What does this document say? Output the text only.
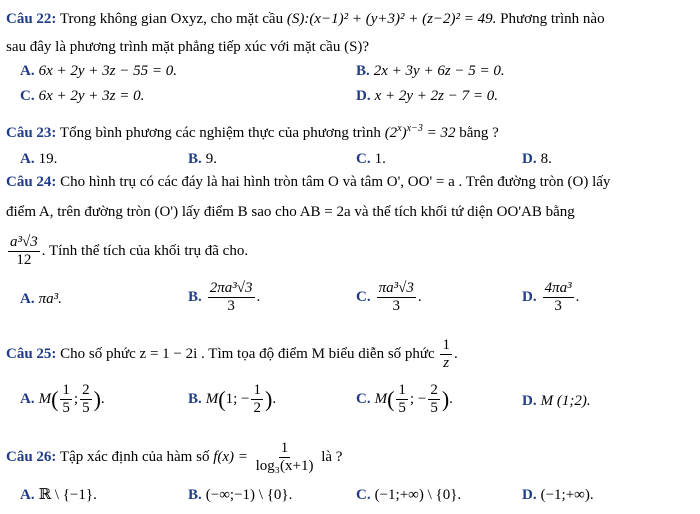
Câu 22: Trong không gian Oxyz, cho mặt cầu (S):(x−1)² + (y+3)² + (z−2)² = 49. Phương trình nào
sau đây là phương trình mặt phẳng tiếp xúc với mặt cầu (S)?
A. 6x + 2y + 3z − 55 = 0.	B. 2x + 3y + 6z − 5 = 0.
C. 6x + 2y + 3z = 0.	D. x + 2y + 2z − 7 = 0.
Câu 23: Tổng bình phương các nghiệm thực của phương trình $(2^x)^{x-3} = 32$ bằng ?
A. 19.	B. 9.	C. 1.	D. 8.
Câu 24: Cho hình trụ có các đáy là hai hình tròn tâm O và tâm O', OO' = a . Trên đường tròn (O) lấy
điểm A, trên đường tròn (O') lấy điểm B sao cho AB = 2a và thể tích khối tứ diện OO'AB bằng
$\frac{\text{a³√3}}{12}$ . Tính thể tích của khối trụ đã cho.
A. πa³.	B. $\frac{\text{2πa³√3}}{3}$ .	C. $\frac{\text{πa³√3}}{3}$ .	D. $\frac{\text{4πa³}}{3}$ .
Câu 25: Cho số phức z = 1 − 2i . Tìm tọa độ điểm M biểu diễn số phức $\frac{1}{z}$ .
A. $M( \frac{1}{5}$ ; $\frac{2}{5}$ ).	B. M(1; − $\frac{1}{2}$ ).	C. $M( \frac{1}{5}$ ; − $\frac{2}{5}$ ).	D. M (1;2).
Câu 26: Tập xác định của hàm số $f(x) = \frac{1}{\text{log₃(x+1)}}$ là ?
A. ℝ \ {−1}.	B. (−∞;−1) \ {0}.	C. (−1;+∞) \ {0}.	D. (−1;+∞).
